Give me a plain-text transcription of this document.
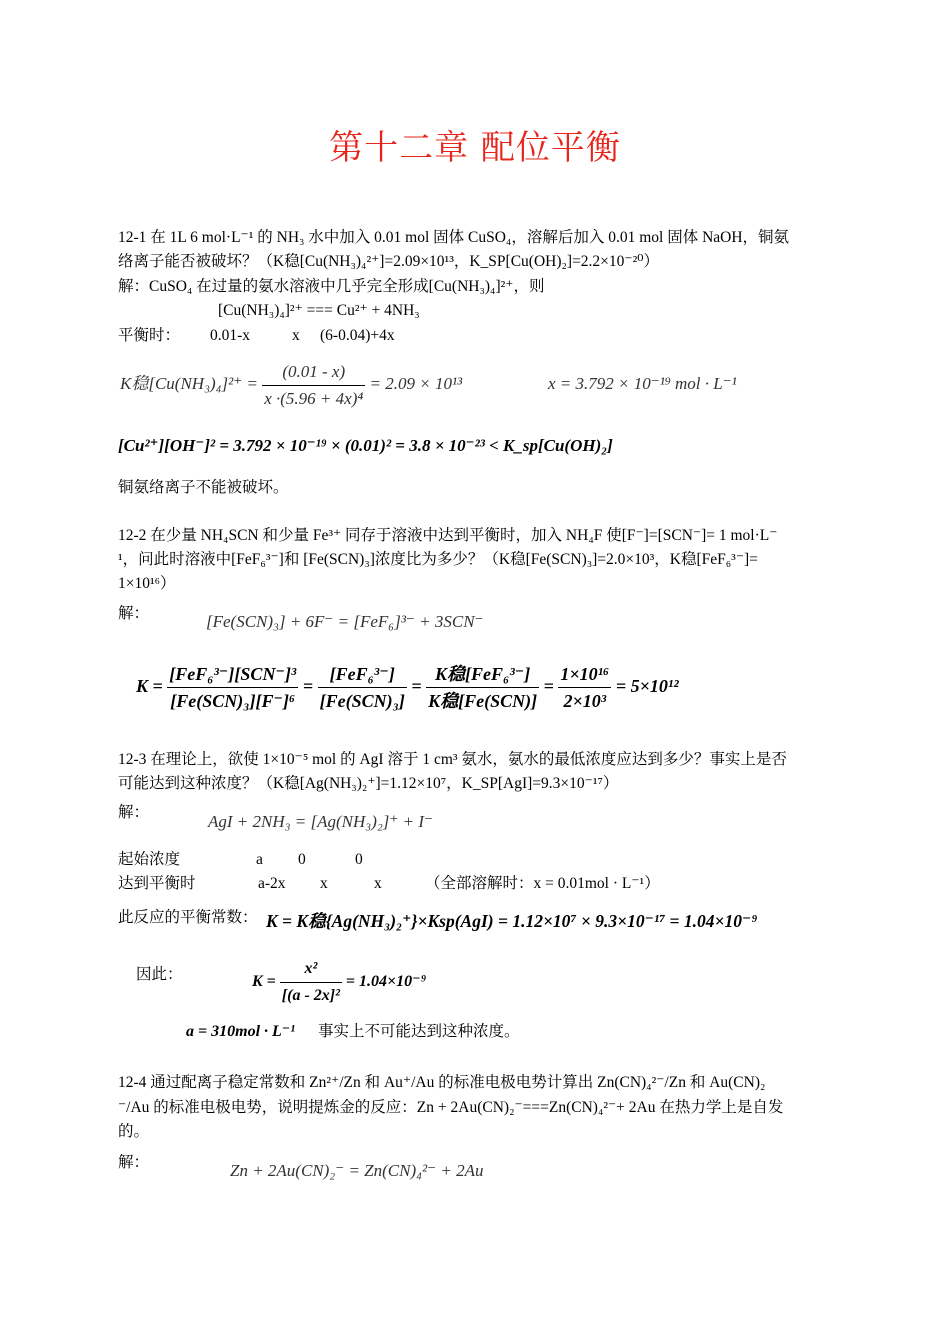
第十二章 配位平衡
12-1 在 1L 6 mol·L⁻¹ 的 NH₃ 水中加入 0.01 mol 固体 CuSO₄，溶解后加入 0.01 mol 固体 NaOH，铜氨
络离子能否被破坏？（K稳[Cu(NH₃)₄²⁺]=2.09×10¹³，K_SP[Cu(OH)₂]=2.2×10⁻²⁰）
解：CuSO₄ 在过量的氨水溶液中几乎完全形成[Cu(NH₃)₄]²⁺，则
[Cu(NH₃)₄]²⁺ === Cu²⁺ + 4NH₃
平衡时： 0.01-x	x (6-0.04)+4x
K稳$[Cu(NH_3)_4]^{2+} = \frac{(0.01 - x)}{\text{x ·(5.96 + 4x)⁴}} = 2.09 \times 10^{13}$	x = 3.792 × 10⁻¹⁹ mol · L⁻¹
[Cu²⁺][OH⁻]² = 3.792 × 10⁻¹⁹ × (0.01)² = 3.8 × 10⁻²³ < K_sp[Cu(OH)₂]
铜氨络离子不能被破坏。
12-2 在少量 NH₄SCN 和少量 Fe³⁺ 同存于溶液中达到平衡时，加入 NH₄F 使[F⁻]=[SCN⁻]= 1 mol·L⁻
¹，问此时溶液中[FeF₆³⁻]和 [Fe(SCN)₃]浓度比为多少？（K稳[Fe(SCN)₃]=2.0×10³，K稳[FeF₆³⁻]=
1×10¹⁶）
解：	[Fe(SCN)₃] + 6F⁻ = [FeF₆]³⁻ + 3SCN⁻
$K = \frac{\text{[FeF₆³⁻][SCN⁻]³}}{\text{[Fe(SCN)₃][F⁻]⁶}} = \frac{\text{[FeF₆³⁻]}}{\text{[Fe(SCN)₃]}} = \frac{\text{K稳[FeF₆³⁻]}}{\text{K稳[Fe(SCN)]}} = \frac{\text{1×10¹⁶}}{\text{2×10³}} = 5\times 10^{12}$
12-3 在理论上，欲使 1×10⁻⁵ mol 的 AgI 溶于 1 cm³ 氨水，氨水的最低浓度应达到多少？事实上是否
可能达到这种浓度？（K稳[Ag(NH₃)₂⁺]=1.12×10⁷，K_SP[AgI]=9.3×10⁻¹⁷）
解：	AgI + 2NH₃ = [Ag(NH₃)₂]⁺ + I⁻
起始浓度	a 0	0
达到平衡时	a-2x x	x	（全部溶解时：x = 0.01mol · L⁻¹）
此反应的平衡常数： K = K稳{Ag(NH₃)₂⁺}×Ksp(AgI) = 1.12×10⁷ × 9.3×10⁻¹⁷ = 1.04×10⁻⁹
因此：	$K = \frac{\text{x²}}{\text{[(a - 2x]²}} = 1.04\times 10^{-9}$
a = 310mol · L⁻¹ 事实上不可能达到这种浓度。
12-4 通过配离子稳定常数和 Zn²⁺/Zn 和 Au⁺/Au 的标准电极电势计算出 Zn(CN)₄²⁻/Zn 和 Au(CN)₂
⁻/Au 的标准电极电势，说明提炼金的反应：Zn + 2Au(CN)₂⁻===Zn(CN)₄²⁻+ 2Au 在热力学上是自发
的。
解：	Zn + 2Au(CN)₂⁻ = Zn(CN)₄²⁻ + 2Au
